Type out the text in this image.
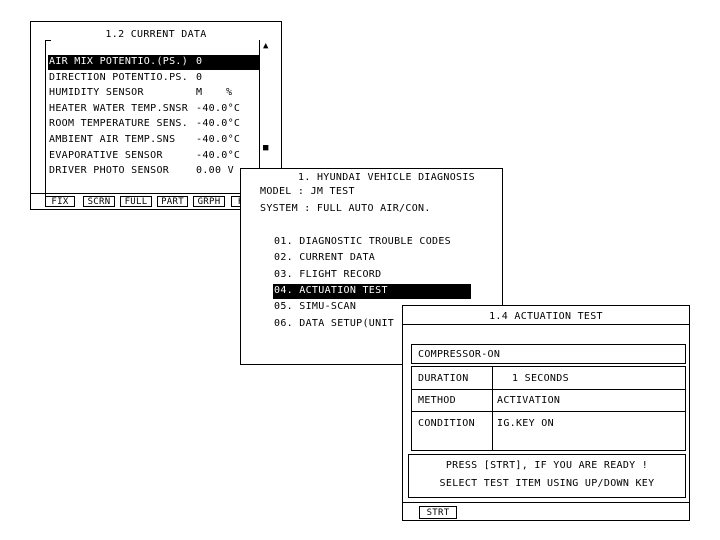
1.2 CURRENT DATA
AIR MIX POTENTIO.(PS.) 0
DIRECTION POTENTIO.PS. 0
HUMIDITY SENSOR	M %
HEATER WATER TEMP.SNSR -40.0°C
ROOM TEMPERATURE SENS. -40.0°C
AMBIENT AIR TEMP.SNS -40.0°C
EVAPORATIVE SENSOR	-40.0°C
DRIVER PHOTO SENSOR	0.00 V
▲
■
FIX	SCRN	FULL	PART	GRPH
1. HYUNDAI VEHICLE DIAGNOSIS
MODEL : JM TEST
SYSTEM : FULL AUTO AIR/CON.
01. DIAGNOSTIC TROUBLE CODES
02. CURRENT DATA
03. FLIGHT RECORD
04. ACTUATION TEST
05. SIMU-SCAN
06. DATA SETUP(UNIT
1.4 ACTUATION TEST
COMPRESSOR-ON
DURATION	1 SECONDS
METHOD	ACTIVATION
CONDITION IG.KEY ON
PRESS [STRT], IF YOU ARE READY !
SELECT TEST ITEM USING UP/DOWN KEY
STRT
